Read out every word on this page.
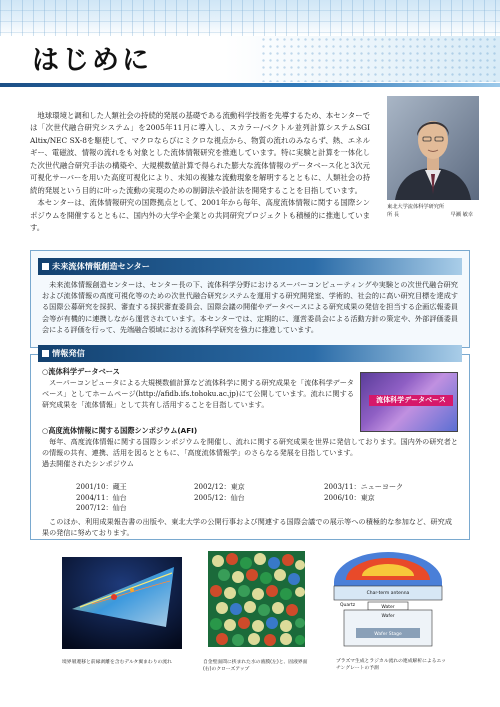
はじめに

地球環境と調和した人類社会の持続的発展の基礎である流動科学技術を先導するため、本センターでは「次世代融合研究システム」を2005年11月に導入し、スカラー/ベクトル並列計算システムSGI Altix/NEC SX-8を駆使して、マクロならびにミクロな視点から、物質の流れのみならず、熱、エネルギー、電磁波、情報の流れをも対象とした流体情報研究を推進しています。特に実験と計算を一体化した次世代融合研究手法の構築や、大規模数値計算で得られた膨大な流体情報のデータベース化と3次元可視化サーバーを用いた高度可視化により、未知の複雑な流動現象を解明するとともに、人類社会の持続的発展という目的に叶った流動の実現のための制御法や設計法を開発することを目指しています。

本センターは、流体情報研究の国際拠点として、2001年から毎年、高度流体情報に関する国際シンポジウムを開催するとともに、国内外の大学や企業との共同研究プロジェクトも積極的に推進しています。

東北大学流体科学研究所
所 長	早瀬 敏幸
未来流体情報創造センター

未来流体情報創造センターは、センター長の下、流体科学分野におけるスーパーコンピューティングや実験との次世代融合研究および流体情報の高度可視化等のための次世代融合研究システムを運用する研究開発室、学術的、社会的に高い研究目標を達成する国際公募研究を採択、審査する採択審査委員会、国際会議の開催やデータベースによる研究成果の発信を担当する企画広報委員会等が有機的に連携しながら運営されています。本センターでは、定期的に、運営委員会による活動方針の策定や、外部評価委員会による評価を行って、先端融合領域における流体科学研究を強力に推進しています。

情報発信
○流体科学データベース
スーパーコンピュータによる大規模数値計算など流体科学に関する研究成果を「流体科学データベース」としてホームページ(http://afidb.ifs.tohoku.ac.jp)にて公開しています。流れに関する研究成果を「流体情報」として共有し活用することを目指しています。
流体科学データベース
○高度流体情報に関する国際シンポジウム(AFI)
毎年、高度流体情報に関する国際シンポジウムを開催し、流れに関する研究成果を世界に発信しております。国内外の研究者との情報の共有、連携、活用を図るとともに、「高度流体情報学」のさらなる発展を目指しています。
過去開催されたシンポジウム
2001/10：蔵王	2002/12：東京	2003/11：ニューヨーク
2004/11：仙台	2005/12：仙台	2006/10：東京
2007/12：仙台
このほか、利用成果報告書の出版や、東北大学の公開行事および関連する国際会議での展示等への積極的な参加など、研究成果の発信に努めております。
境界層遷移と前縁剥離を含むデルタ翼まわりの流れ	自金壁面間に挟まれた水の液膜(左)と、固液界面(右)のクローズアップ
Water
Char-term antenna
Quartz
Wafer
Wafer Stage
プラズマ生成とラジカル流れの連成解析によるエッチングレートの予測
